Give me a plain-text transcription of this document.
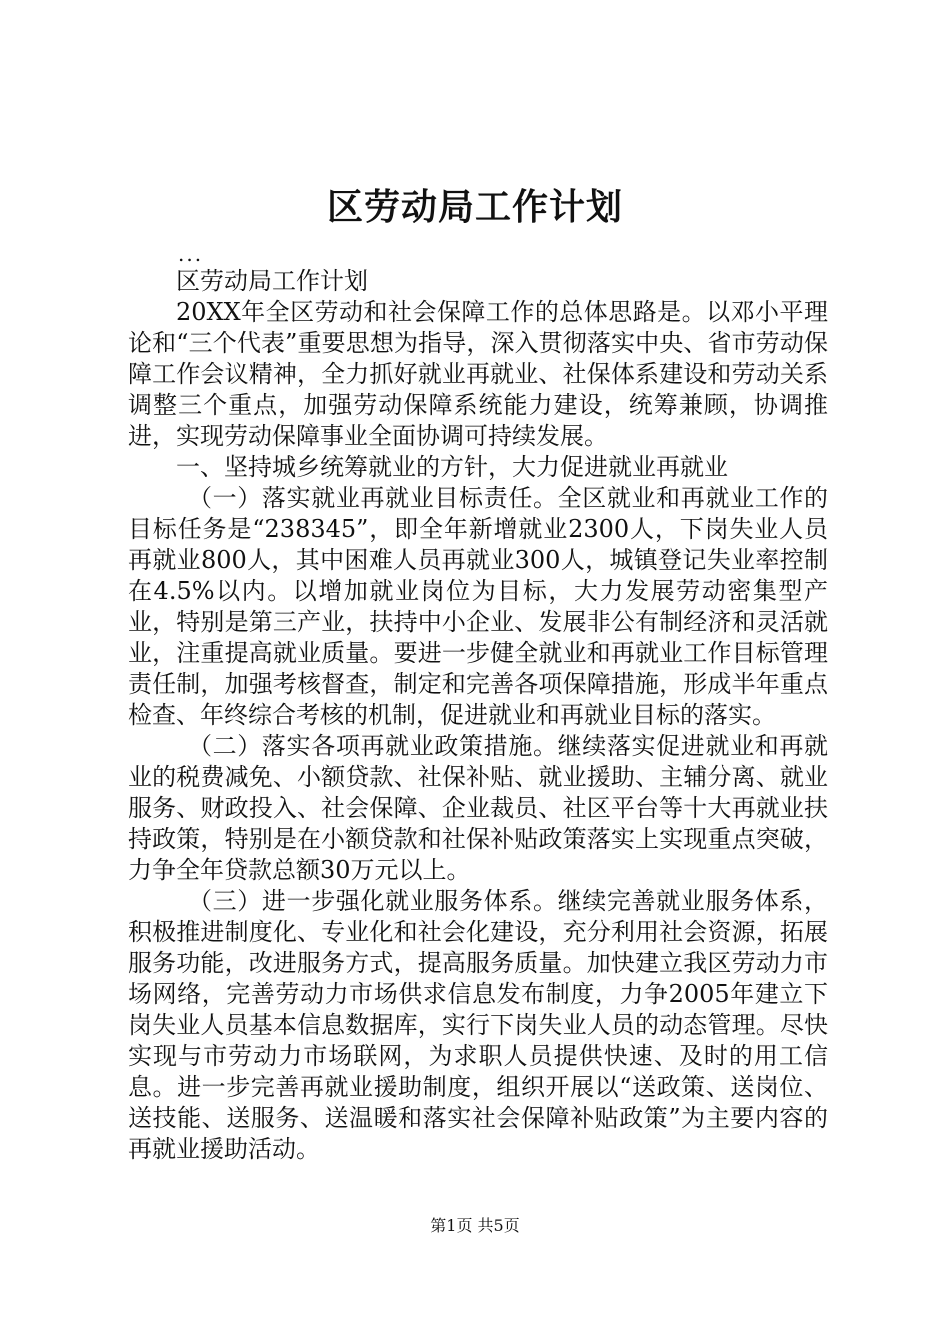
区劳动局工作计划
...

区劳动局工作计划

20XX年全区劳动和社会保障工作的总体思路是。以邓小平理论和“三个代表”重要思想为指导，深入贯彻落实中央、省市劳动保障工作会议精神，全力抓好就业再就业、社保体系建设和劳动关系调整三个重点，加强劳动保障系统能力建设，统筹兼顾，协调推进，实现劳动保障事业全面协调可持续发展。

一、坚持城乡统筹就业的方针，大力促进就业再就业

（一）落实就业再就业目标责任。全区就业和再就业工作的目标任务是“238345”，即全年新增就业2300人，下岗失业人员再就业800人，其中困难人员再就业300人，城镇登记失业率控制在4.5%以内。以增加就业岗位为目标，大力发展劳动密集型产业，特别是第三产业，扶持中小企业、发展非公有制经济和灵活就业，注重提高就业质量。要进一步健全就业和再就业工作目标管理责任制，加强考核督查，制定和完善各项保障措施，形成半年重点检查、年终综合考核的机制，促进就业和再就业目标的落实。

（二）落实各项再就业政策措施。继续落实促进就业和再就业的税费减免、小额贷款、社保补贴、就业援助、主辅分离、就业服务、财政投入、社会保障、企业裁员、社区平台等十大再就业扶持政策，特别是在小额贷款和社保补贴政策落实上实现重点突破，力争全年贷款总额30万元以上。

（三）进一步强化就业服务体系。继续完善就业服务体系，积极推进制度化、专业化和社会化建设，充分利用社会资源，拓展服务功能，改进服务方式，提高服务质量。加快建立我区劳动力市场网络，完善劳动力市场供求信息发布制度，力争2005年建立下岗失业人员基本信息数据库，实行下岗失业人员的动态管理。尽快实现与市劳动力市场联网，为求职人员提供快速、及时的用工信息。进一步完善再就业援助制度，组织开展以“送政策、送岗位、送技能、送服务、送温暖和落实社会保障补贴政策”为主要内容的再就业援助活动。

第1页 共5页
